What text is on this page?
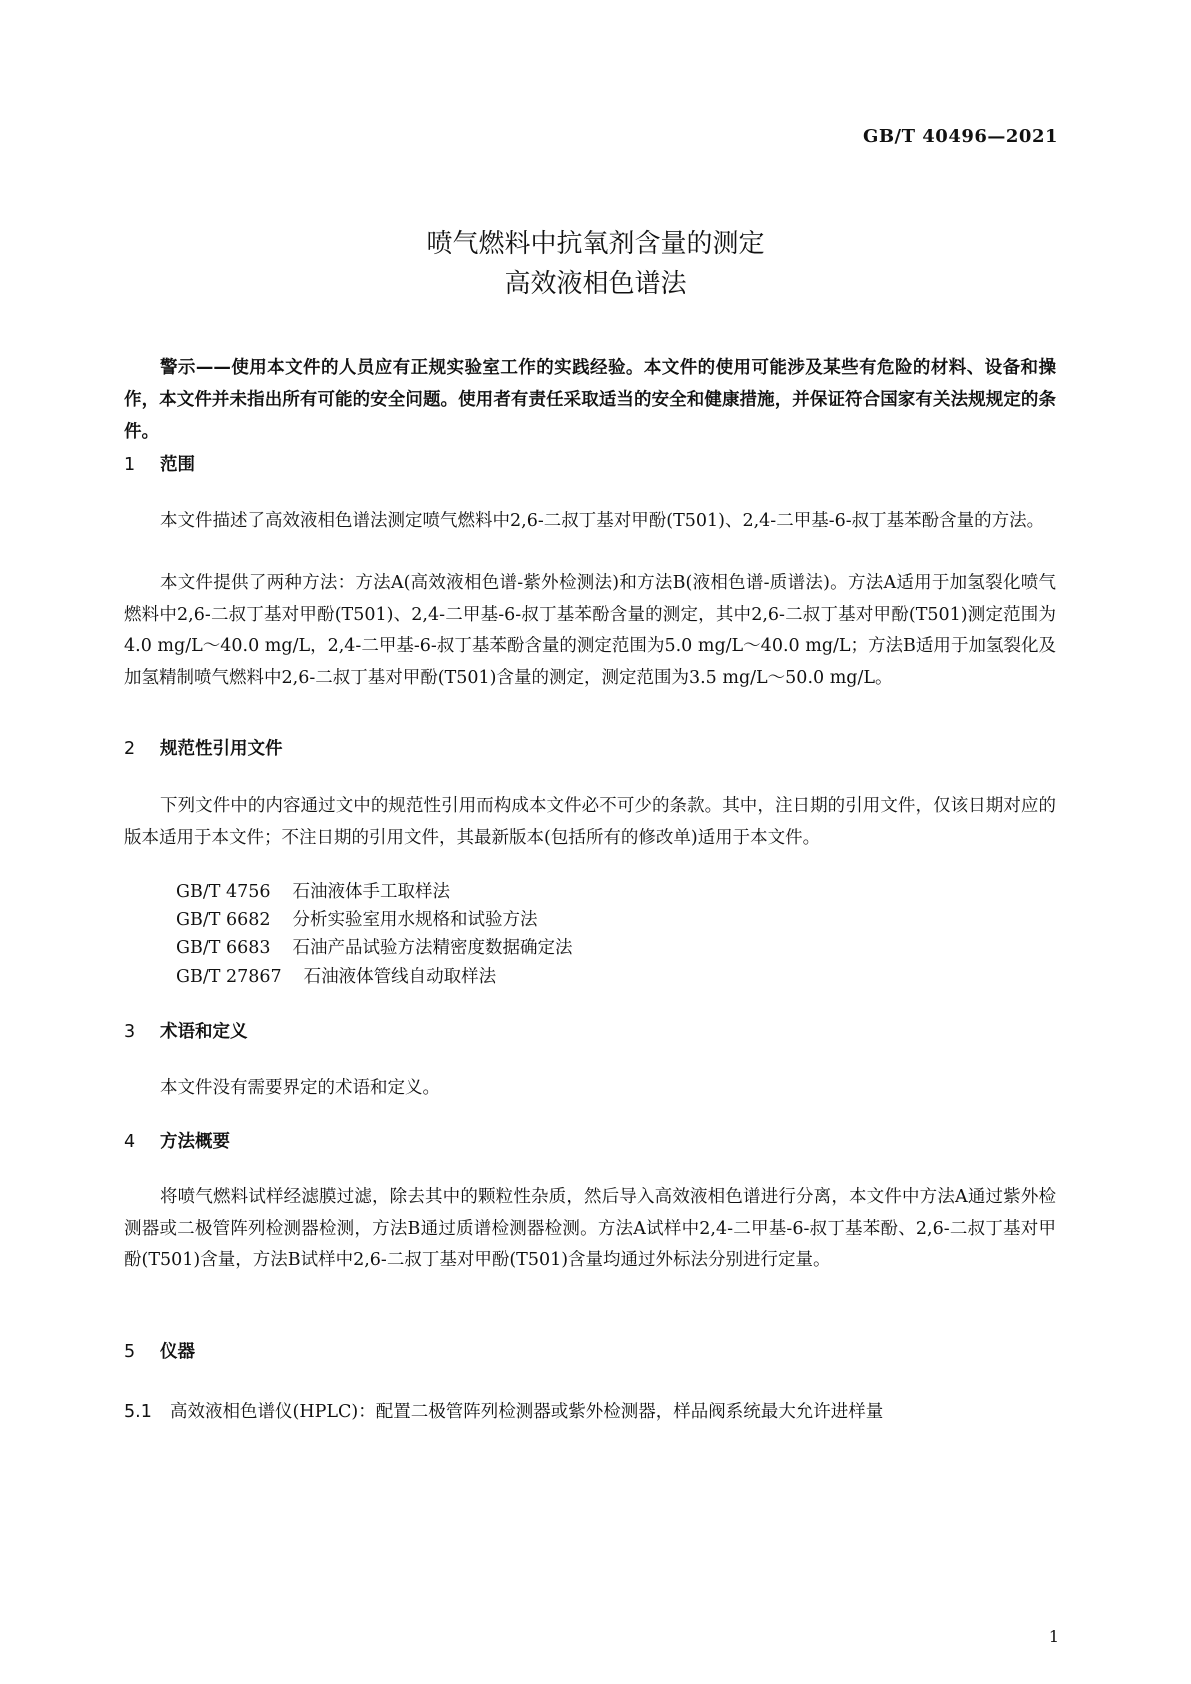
GB/T 40496—2021
喷气燃料中抗氧剂含量的测定
高效液相色谱法

警示——使用本文件的人员应有正规实验室工作的实践经验。本文件的使用可能涉及某些有危险的材料、设备和操作，本文件并未指出所有可能的安全问题。使用者有责任采取适当的安全和健康措施，并保证符合国家有关法规规定的条件。

1 范围

本文件描述了高效液相色谱法测定喷气燃料中2,6-二叔丁基对甲酚(T501)、2,4-二甲基-6-叔丁基苯酚含量的方法。

本文件提供了两种方法：方法A(高效液相色谱-紫外检测法)和方法B(液相色谱-质谱法)。方法A适用于加氢裂化喷气燃料中2,6-二叔丁基对甲酚(T501)、2,4-二甲基-6-叔丁基苯酚含量的测定，其中2,6-二叔丁基对甲酚(T501)测定范围为4.0 mg/L～40.0 mg/L，2,4-二甲基-6-叔丁基苯酚含量的测定范围为5.0 mg/L～40.0 mg/L；方法B适用于加氢裂化及加氢精制喷气燃料中2,6-二叔丁基对甲酚(T501)含量的测定，测定范围为3.5 mg/L～50.0 mg/L。

2 规范性引用文件

下列文件中的内容通过文中的规范性引用而构成本文件必不可少的条款。其中，注日期的引用文件，仅该日期对应的版本适用于本文件；不注日期的引用文件，其最新版本(包括所有的修改单)适用于本文件。

GB/T 4756 石油液体手工取样法
GB/T 6682 分析实验室用水规格和试验方法
GB/T 6683 石油产品试验方法精密度数据确定法
GB/T 27867 石油液体管线自动取样法
3 术语和定义

本文件没有需要界定的术语和定义。

4 方法概要

将喷气燃料试样经滤膜过滤，除去其中的颗粒性杂质，然后导入高效液相色谱进行分离，本文件中方法A通过紫外检测器或二极管阵列检测器检测，方法B通过质谱检测器检测。方法A试样中2,4-二甲基-6-叔丁基苯酚、2,6-二叔丁基对甲酚(T501)含量，方法B试样中2,6-二叔丁基对甲酚(T501)含量均通过外标法分别进行定量。

5 仪器
5.1 高效液相色谱仪(HPLC)：配置二极管阵列检测器或紫外检测器，样品阀系统最大允许进样量
1
